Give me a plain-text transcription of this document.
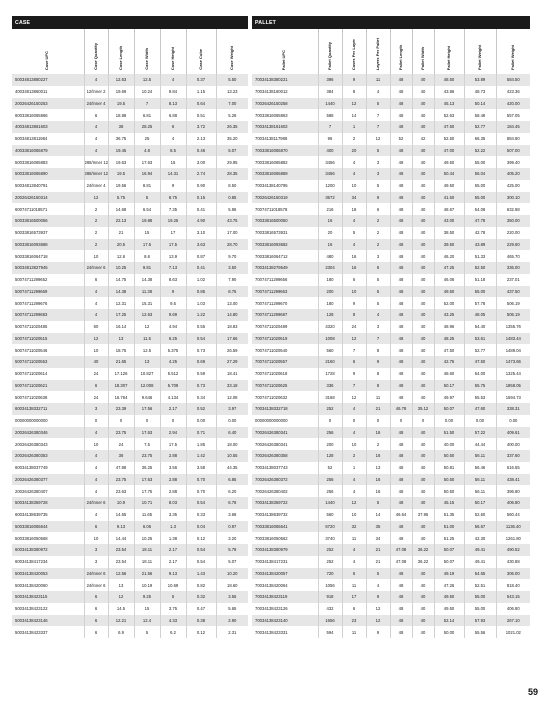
CASE						
Case UPC	Case Quantity	Case Length	Case Width	Case Height	Case Cube	Case Weight
50034813880227	4	12.63	12.5	4	0.37	5.50
40034813860011	12/Inner 2	19.69	10.24	9.84	1.15	13.23
20026426150253	24/Inner 4	19.5	7	8.13	0.64	7.00
60033816065866	6	18.88	6.81	6.88	0.51	5.28
40034813861603	4	38	28.25	6	3.72	26.35
50034813811984	4	36.75	25	4	2.13	35.20
40033816065879	4	19.45	4.8	8.5	0.46	5.07
50033816065883	288/Inner 12	19.63	17.63	15	3.00	29.95
50033816065890	288/Inner 12	19.5	16.94	14.31	2.74	28.35
50034813840791	24/Inner 4	19.56	8.81	9	0.90	8.50
20026426150314	12	5.75	5	8.75	0.15	0.85
60074711018571	2	14.68	6.54	7.35	0.41	5.86
50033816500056	2	22.13	19.88	19.25	4.90	43.75
50033816573937	2	21	15	17	3.10	17.00
50033816093688	2	20.5	17.5	17.5	3.63	28.70
50033816064718	10	12.6	8.6	13.9	0.87	9.70
50034813827945	24/Inner 6	10.25	9.81	7.13	0.41	3.50
50074711299652	6	14.75	14.38	8.63	1.02	7.90
50074711299669	4	14.38	11.38	9	0.85	8.75
50074711299676	4	12.31	15.31	9.5	1.03	13.00
50074711299683	4	17.25	12.63	9.69	1.22	14.80
50074711020485	60	16.14	12	4.94	0.55	18.83
50074711020515	12	13	11.5	6.25	0.54	17.66
50074711020546	10	18.75	12.5	5.375	0.73	26.59
50074711020553	40	21.65	13	4.25	0.69	27.29
50074711020614	24	17.126	10.827	5.512	0.59	18.41
50074711020621	6	18.307	12.008	5.709	0.73	33.18
50074711020638	24	16.764	9.646	4.134	0.34	12.08
60034138332711	3	23.39	17.56	2.17	0.52	3.97
00000000000000	0	0	0	0	0.00	0.00
20026426380346	4	23.75	17.63	2.94	0.71	6.40
20026426380343	10	24	7.5	17.5	1.85	18.00
20026426380353	4	36	23.75	2.88	1.42	10.55
60034138037749	4	47.88	36.25	3.56	3.58	44.35
20026426380377	4	23.75	17.63	2.88	0.70	6.85
20026426380407	4	23.63	17.75	2.88	0.70	6.20
50034138359728	24/Inner 6	10.9	10.71	8.03	0.54	6.78
60034138639735	4	14.65	11.65	3.35	0.33	3.68
50033816065644	6	9.13	6.06	1.3	0.04	0.97
50033816050568	10	14.44	10.25	1.38	0.12	3.20
60034138380972	3	23.54	18.11	2.17	0.54	5.78
60034138417234	3	23.54	18.11	2.17	0.54	5.07
50034138420053	24/Inner 6	12.56	21.56	9.13	1.43	10.20
50034138420060	24/Inner 6	13	10.19	10.69	0.82	18.60
50034138423115	6	12	9.25	5	0.32	3.55
50034138423122	6	14.5	15	3.75	0.47	5.65
50034138423146	6	12.21	12.4	4.33	0.38	2.90
50034138423337	6	6.9	5	6.2	0.12	2.31
PALLET								
Pallet UPC	Pallet Quantity	Cases Per Layer	Layers Per Pallet	Pallet Length	Pallet Width	Pallet Height	Pallet Weight	Pallet Weight
70034138380221	396	9	11	48	40	48.50	53.89	584.50
70034138160012	384	8	4	48	40	43.86	48.73	423.36
70026426150258	1440	12	5	48	40	45.13	50.14	420.00
70033816065863	588	14	7	48	40	52.63	58.48	557.05
70034138161602	7	1	7	48	40	47.50	52.77	184.45
70034138117988	96	2	12	52	42	52.50	66.35	884.80
70033816065870	400	20	5	48	40	47.00	52.22	507.00
70033816065882	3456	4	3	48	40	49.50	55.00	399.40
70033816065889	3456	4	3	48	40	50.44	56.04	405.20
70034138140795	1200	10	5	48	40	49.50	55.00	425.00
70026426150319	3672	34	9	48	40	41.50	55.00	300.10
70074711018578	216	18	6	48	40	48.67	54.08	632.88
70033816500050	16	4	2	48	40	43.00	47.78	350.00
70033816573931	20	5	2	48	40	38.50	42.78	220.00
70033816093682	16	4	2	48	40	39.50	43.89	229.60
70033816064712	480	16	3	48	40	46.20	51.33	465.70
70034138279549	2304	16	6	48	40	47.25	52.50	336.00
70074711299656	180	6	5	48	40	46.06	51.18	237.01
70074711299663	200	10	5	48	40	49.50	55.00	437.50
70074711299670	180	9	5	48	40	52.00	57.78	506.19
70074711299687	128	8	4	48	40	43.25	48.05	506.19
70074711020489	4320	24	3	48	40	48.96	54.40	1355.76
70074711020519	1008	12	7	48	40	48.25	53.61	1483.44
70074711020540	560	7	8	48	40	47.50	52.77	1489.04
70074711020557	2160	6	9	48	40	42.75	47.50	1473.66
70074711020618	1728	9	8	48	40	48.60	54.00	1325.44
70074711020625	336	7	8	48	40	50.17	55.75	1858.05
70074711020632	3168	12	11	48	40	49.97	55.53	1594.73
70034138332718	252	4	21	46.78	35.12	50.07	47.60	338.31
00000000000000	0	0	0	0	0	0.00	0.00	0.00
70026426380341	256	4	16	48	40	51.50	57.22	409.61
70026426380341	200	10	2	48	40	40.00	44.44	400.00
70026426380358	128	2	16	48	40	50.50	56.11	337.60
70034138037743	52	1	13	48	40	50.81	56.46	616.55
70026426380372	256	4	16	48	40	50.50	56.11	438.41
70026426380402	256	4	16	48	40	50.50	56.11	396.80
70034138359722	1440	12	5	48	40	45.15	50.17	406.80
70034138639732	560	10	14	46.64	37.95	51.35	52.60	560.44
70033816065641	6720	32	35	48	40	51.00	56.67	1136.40
70033816050562	3740	11	34	48	40	51.25	42.30	1261.80
70034138380979	252	4	21	47.08	36.22	50.07	49.41	490.52
70034138417231	252	4	21	47.08	36.22	50.07	49.41	430.88
70034138420057	720	6	5	48	40	49.19	54.65	306.00
70034138420064	1056	11	4	48	40	47.26	52.51	818.40
70034138423119	918	17	9	48	40	49.50	55.00	543.15
70034138423126	432	6	12	48	40	49.50	55.00	406.80
70034138423140	1656	23	12	48	40	52.14	57.93	267.10
70034138423331	594	11	9	48	40	50.00	55.56	1021.02
59
